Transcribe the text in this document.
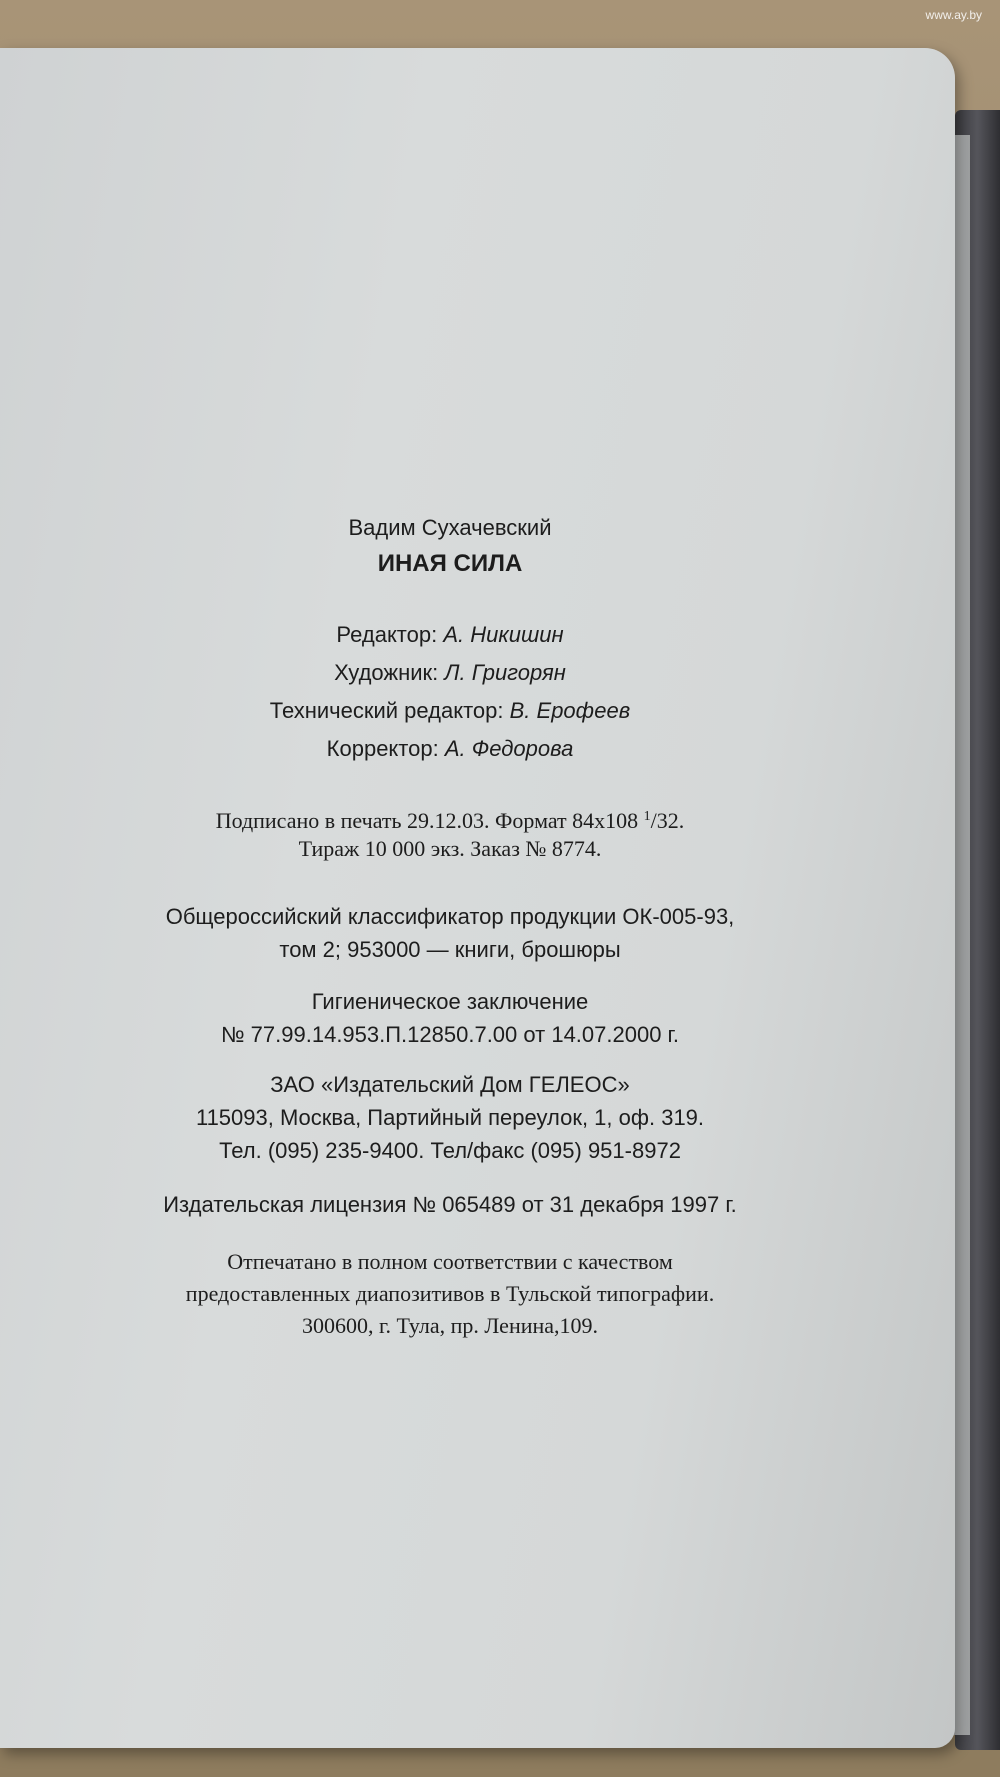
Вадим Сухачевский
ИНАЯ СИЛА
Редактор: А. Никишин
Художник: Л. Григорян
Технический редактор: В. Ерофеев
Корректор: А. Федорова
Подписано в печать 29.12.03. Формат 84x108 $^1$/32.
Тираж 10 000 экз. Заказ № 8774.
Общероссийский классификатор продукции ОК-005-93,
том 2; 953000 — книги, брошюры
Гигиеническое заключение
№ 77.99.14.953.П.12850.7.00 от 14.07.2000 г.
ЗАО «Издательский Дом ГЕЛЕОС»
115093, Москва, Партийный переулок, 1, оф. 319.
Тел. (095) 235-9400. Тел/факс (095) 951-8972
Издательская лицензия № 065489 от 31 декабря 1997 г.
Отпечатано в полном соответствии с качеством
предоставленных диапозитивов в Тульской типографии.
300600, г. Тула, пр. Ленина,109.
www.ay.by
